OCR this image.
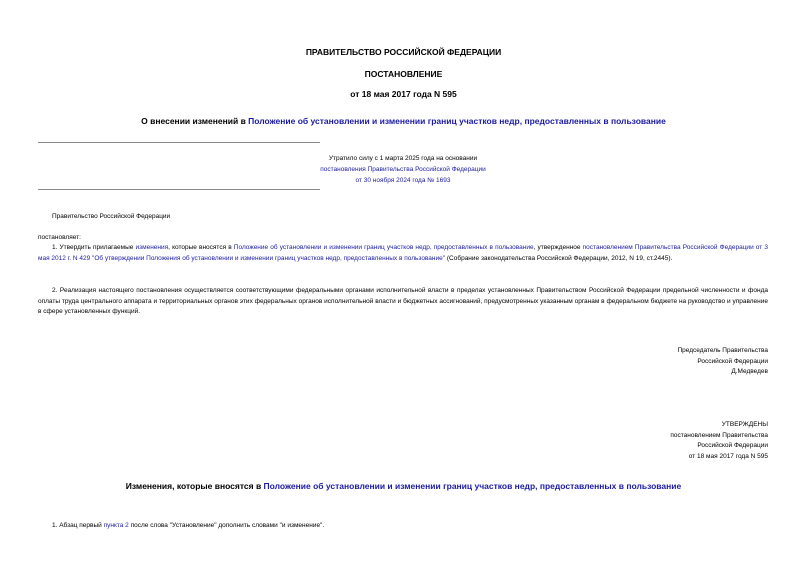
ПРАВИТЕЛЬСТВО РОССИЙСКОЙ ФЕДЕРАЦИИ
ПОСТАНОВЛЕНИЕ
от 18 мая 2017 года N 595
О внесении изменений в Положение об установлении и изменении границ участков недр, предоставленных в пользование
Утратило силу с 1 марта 2025 года на основании
постановления Правительства Российской Федерации
от 30 ноября 2024 года № 1693
Правительство Российской Федерации
постановляет:
1. Утвердить прилагаемые изменения, которые вносятся в Положение об установлении и изменении границ участков недр, предоставленных в пользование, утвержденное постановлением Правительства Российской Федерации от 3 мая 2012 г. N 429 "Об утверждении Положения об установлении и изменении границ участков недр, предоставленных в пользование" (Собрание законодательства Российской Федерации, 2012, N 19, ст.2445).
2. Реализация настоящего постановления осуществляется соответствующими федеральными органами исполнительной власти в пределах установленных Правительством Российской Федерации предельной численности и фонда оплаты труда центрального аппарата и территориальных органов этих федеральных органов исполнительной власти и бюджетных ассигнований, предусмотренных указанным органам в федеральном бюджете на руководство и управление в сфере установленных функций.
Председатель Правительства
Российской Федерации
Д.Медведев
УТВЕРЖДЕНЫ
постановлением Правительства
Российской Федерации
от 18 мая 2017 года N 595
Изменения, которые вносятся в Положение об установлении и изменении границ участков недр, предоставленных в пользование
1. Абзац первый пункта 2 после слова "Установление" дополнить словами "и изменение".
